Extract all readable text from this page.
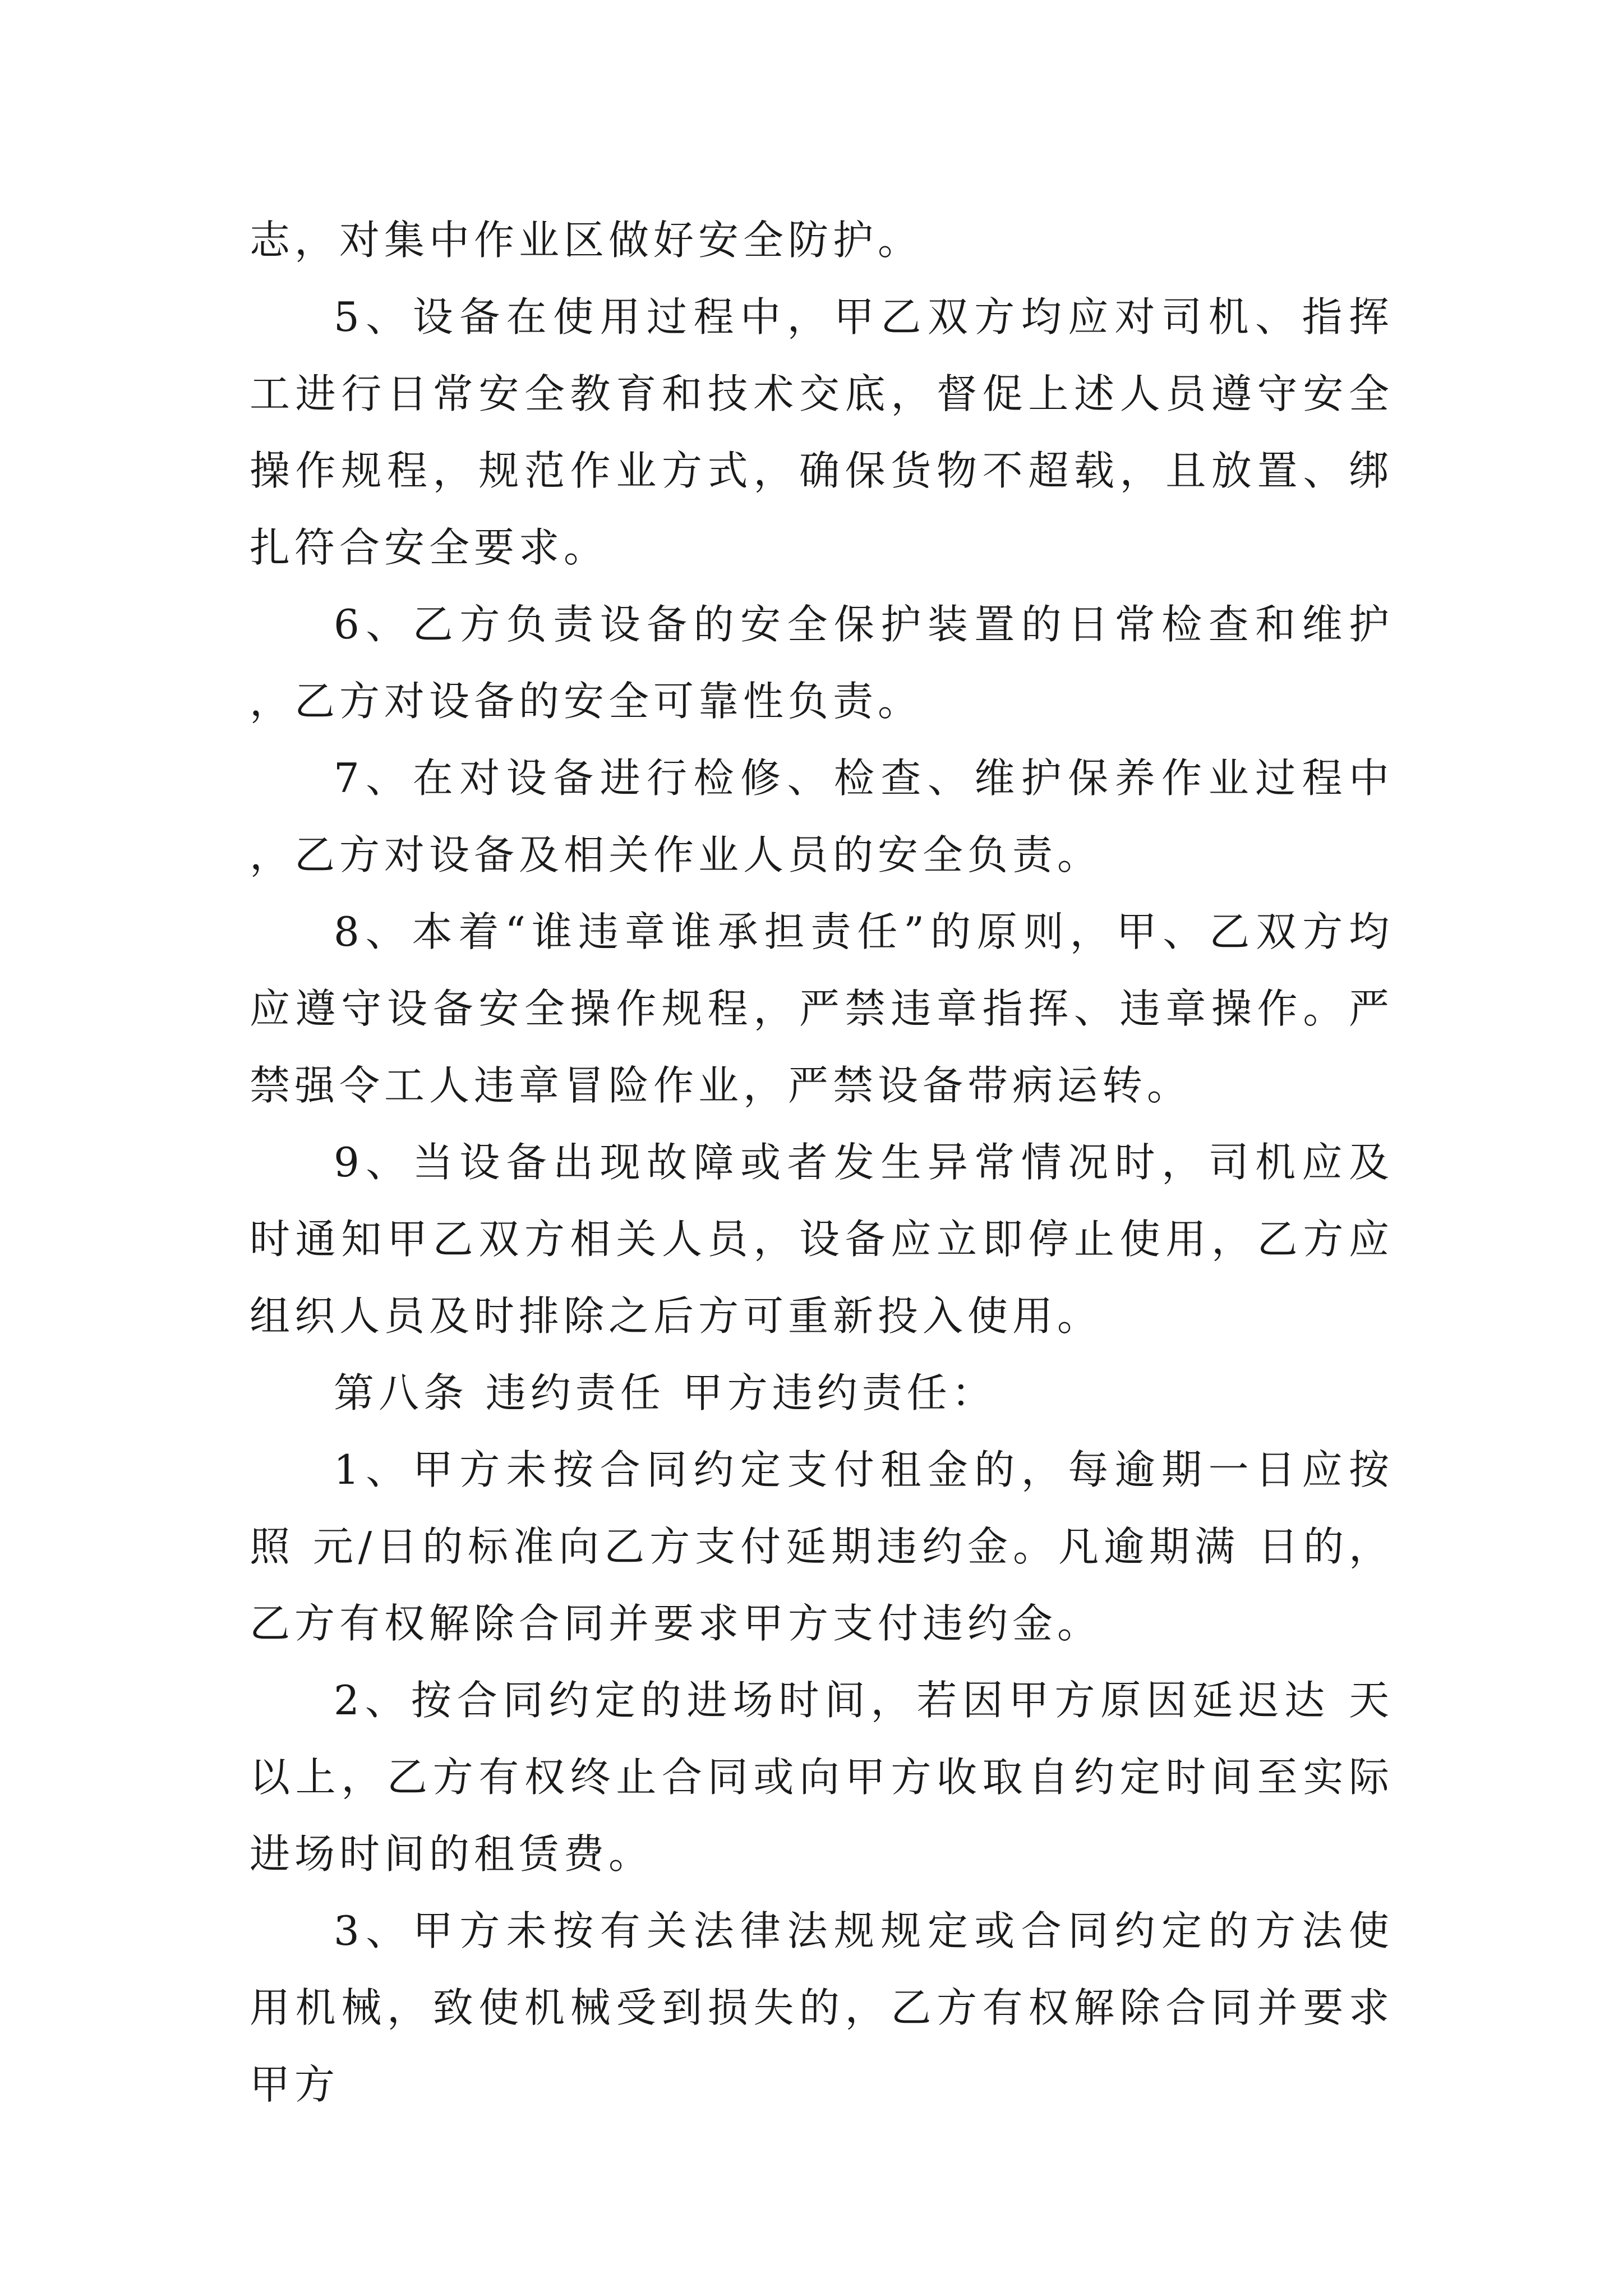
志，对集中作业区做好安全防护。

5、设备在使用过程中，甲乙双方均应对司机、指挥工进行日常安全教育和技术交底，督促上述人员遵守安全操作规程，规范作业方式，确保货物不超载，且放置、绑扎符合安全要求。

6、乙方负责设备的安全保护装置的日常检查和维护，乙方对设备的安全可靠性负责。

7、在对设备进行检修、检查、维护保养作业过程中，乙方对设备及相关作业人员的安全负责。

8、本着“谁违章谁承担责任”的原则，甲、乙双方均应遵守设备安全操作规程，严禁违章指挥、违章操作。严禁强令工人违章冒险作业，严禁设备带病运转。

9、当设备出现故障或者发生异常情况时，司机应及时通知甲乙双方相关人员，设备应立即停止使用，乙方应组织人员及时排除之后方可重新投入使用。

第八条 违约责任 甲方违约责任：

1、甲方未按合同约定支付租金的，每逾期一日应按照 元/日的标准向乙方支付延期违约金。凡逾期满 日的，乙方有权解除合同并要求甲方支付违约金。

2、按合同约定的进场时间，若因甲方原因延迟达 天以上，乙方有权终止合同或向甲方收取自约定时间至实际进场时间的租赁费。

3、甲方未按有关法律法规规定或合同约定的方法使用机械，致使机械受到损失的，乙方有权解除合同并要求甲方
